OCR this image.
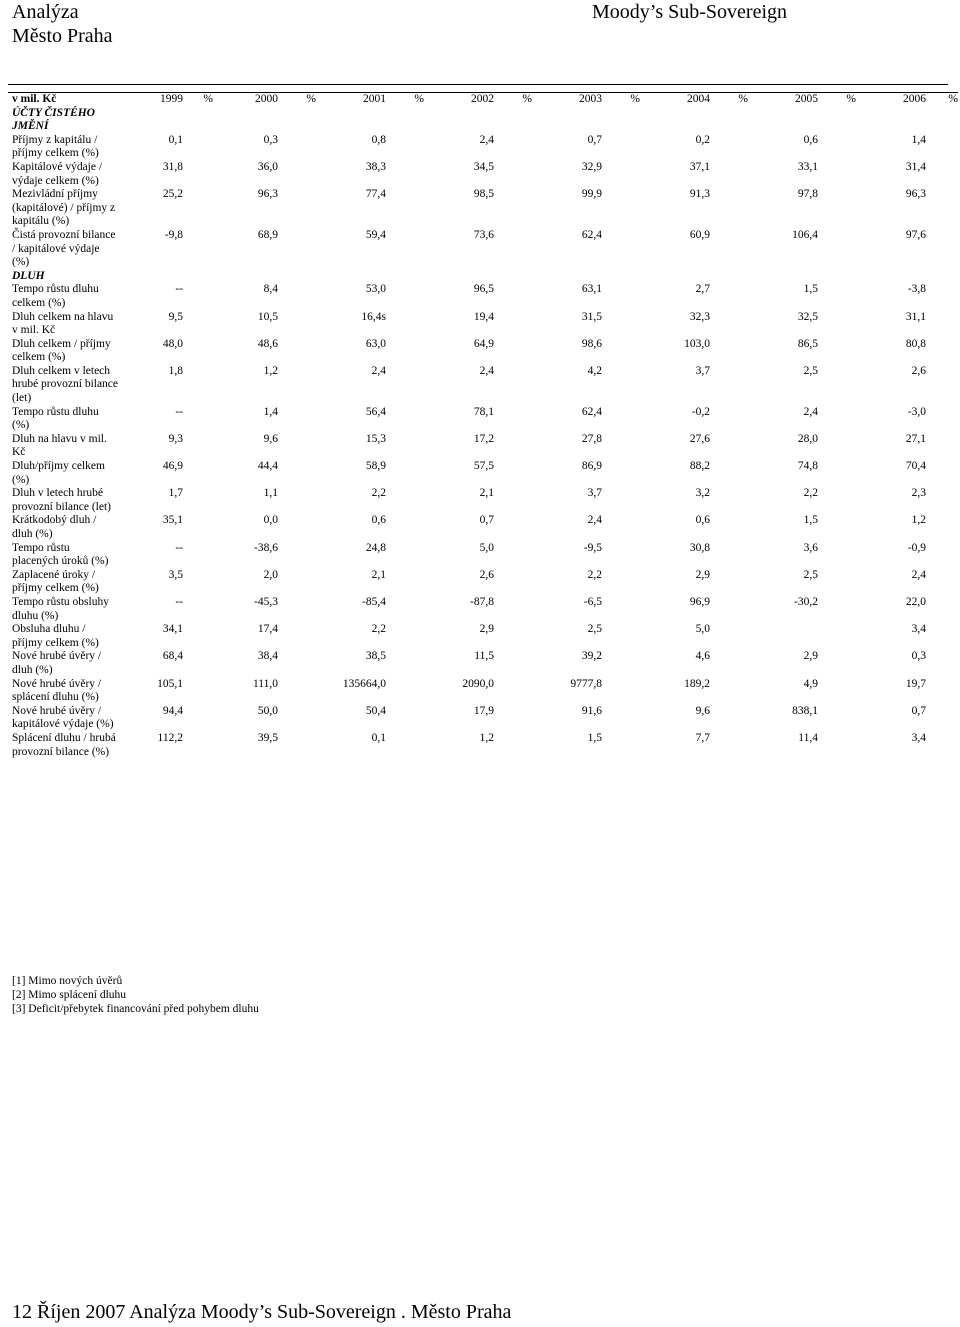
Analýza
Město Praha
Moody’s Sub-Sovereign
v mil. Kč	1999	%	2000	%	2001	%	2002	%	2003	%	2004	%	2005	%	2006	%
ÚČTY ČISTÉHO JMĚNÍ																
Příjmy z kapitálu / příjmy celkem (%)	0,1		0,3		0,8		2,4		0,7		0,2		0,6		1,4	
Kapitálové výdaje / výdaje celkem (%)	31,8		36,0		38,3		34,5		32,9		37,1		33,1		31,4	
Mezivládní příjmy (kapitálové) / příjmy z kapitálu (%)	25,2		96,3		77,4		98,5		99,9		91,3		97,8		96,3	
Čistá provozní bilance / kapitálové výdaje (%)	-9,8		68,9		59,4		73,6		62,4		60,9		106,4		97,6	
DLUH																
Tempo růstu dluhu celkem (%)	--		8,4		53,0		96,5		63,1		2,7		1,5		-3,8	
Dluh celkem na hlavu v mil. Kč	9,5		10,5		16,4s		19,4		31,5		32,3		32,5		31,1	
Dluh celkem / příjmy celkem (%)	48,0		48,6		63,0		64,9		98,6		103,0		86,5		80,8	
Dluh celkem v letech hrubé provozní bilance (let)	1,8		1,2		2,4		2,4		4,2		3,7		2,5		2,6	
Tempo růstu dluhu (%)	--		1,4		56,4		78,1		62,4		-0,2		2,4		-3,0	
Dluh na hlavu v mil. Kč	9,3		9,6		15,3		17,2		27,8		27,6		28,0		27,1	
Dluh/příjmy celkem (%)	46,9		44,4		58,9		57,5		86,9		88,2		74,8		70,4	
Dluh v letech hrubé provozní bilance (let)	1,7		1,1		2,2		2,1		3,7		3,2		2,2		2,3	
Krátkodobý dluh / dluh (%)	35,1		0,0		0,6		0,7		2,4		0,6		1,5		1,2	
Tempo růstu placených úroků (%)	--		-38,6		24,8		5,0		-9,5		30,8		3,6		-0,9	
Zaplacené úroky / příjmy celkem (%)	3,5		2,0		2,1		2,6		2,2		2,9		2,5		2,4	
Tempo růstu obsluhy dluhu (%)	--		-45,3		-85,4		-87,8		-6,5		96,9		-30,2		22,0	
Obsluha dluhu / příjmy celkem (%)	34,1		17,4		2,2		2,9		2,5		5,0				3,4	
Nové hrubé úvěry / dluh (%)	68,4		38,4		38,5		11,5		39,2		4,6		2,9		0,3	
Nové hrubé úvěry / splácení dluhu (%)	105,1		111,0		135664,0		2090,0		9777,8		189,2		4,9		19,7	
Nové hrubé úvěry / kapitálové výdaje (%)	94,4		50,0		50,4		17,9		91,6		9,6		838,1		0,7	
Splácení dluhu / hrubá provozní bilance (%)	112,2		39,5		0,1		1,2		1,5		7,7		11,4		3,4	
[1] Mimo nových úvěrů
[2] Mimo splácení dluhu
[3] Deficit/přebytek financování před pohybem dluhu
12 Říjen 2007 Analýza Moody’s Sub-Sovereign . Město Praha
